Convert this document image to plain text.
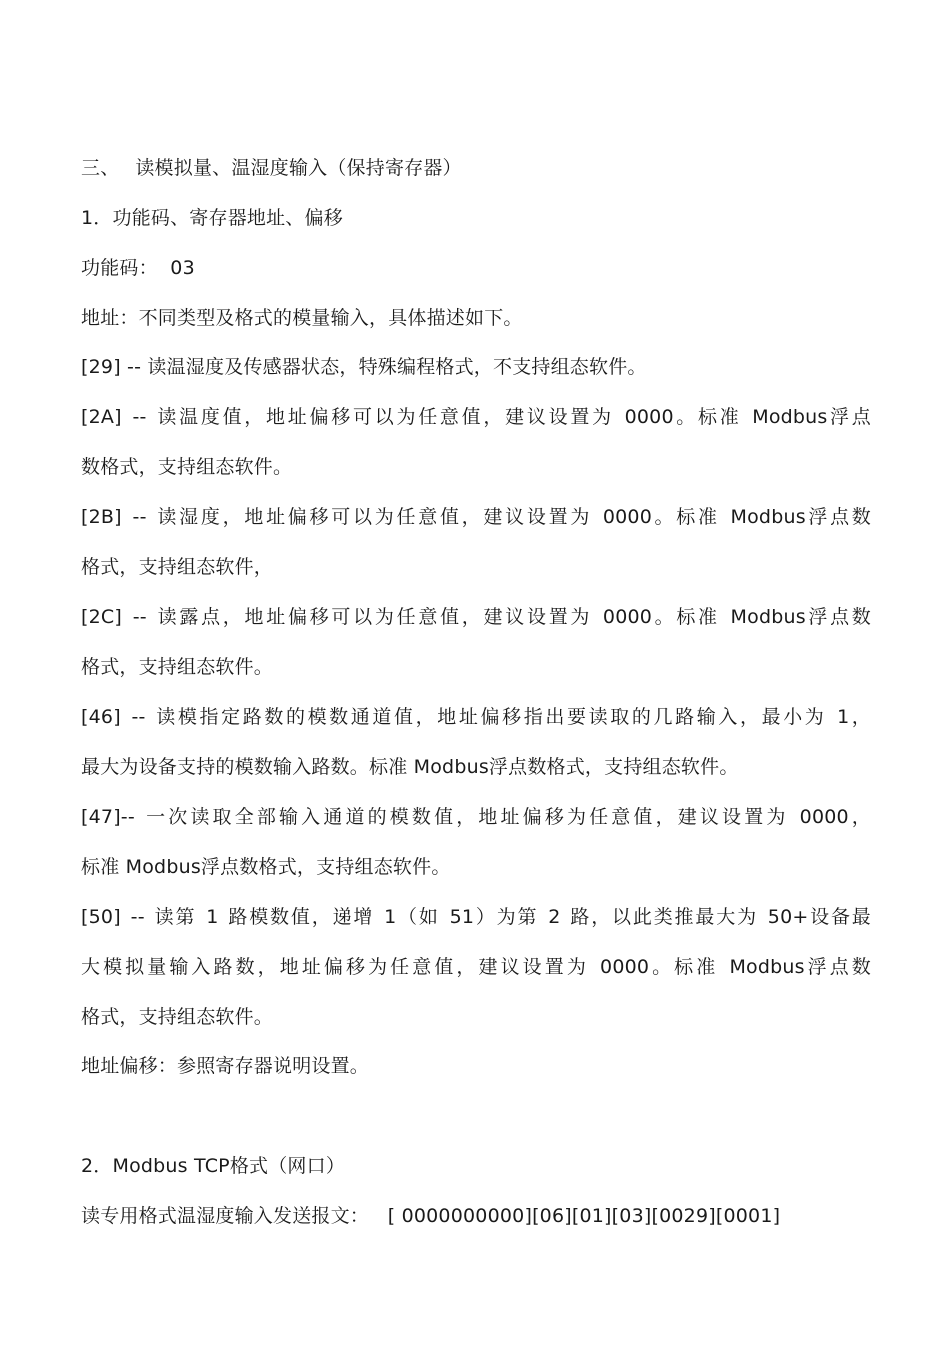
三、　 读模拟量、温湿度输入（保持寄存器）
1．功能码、寄存器地址、偏移
功能码：  03
地址：不同类型及格式的模量输入，具体描述如下。
[29] -- 读温湿度及传感器状态，特殊编程格式，不支持组态软件。
[2A] -- 读温度值，地址偏移可以为任意值，建议设置为 0000。标准 Modbus浮点
数格式，支持组态软件。
[2B] -- 读湿度，地址偏移可以为任意值，建议设置为 0000。标准 Modbus浮点数
格式，支持组态软件，
[2C] -- 读露点，地址偏移可以为任意值，建议设置为 0000。标准 Modbus浮点数
格式，支持组态软件。
[46] -- 读模指定路数的模数通道值，地址偏移指出要读取的几路输入，最小为 1，
最大为设备支持的模数输入路数。标准 Modbus浮点数格式，支持组态软件。
[47]-- 一次读取全部输入通道的模数值，地址偏移为任意值，建议设置为 0000，
标准 Modbus浮点数格式，支持组态软件。
[50] -- 读第 1 路模数值，递增 1（如 51）为第 2 路，以此类推最大为 50+设备最
大模拟量输入路数，地址偏移为任意值，建议设置为 0000。标准 Modbus浮点数
格式，支持组态软件。
地址偏移：参照寄存器说明设置。
2．Modbus TCP格式（网口）
读专用格式温湿度输入发送报文：   [ 0000000000][06][01][03][0029][0001]
